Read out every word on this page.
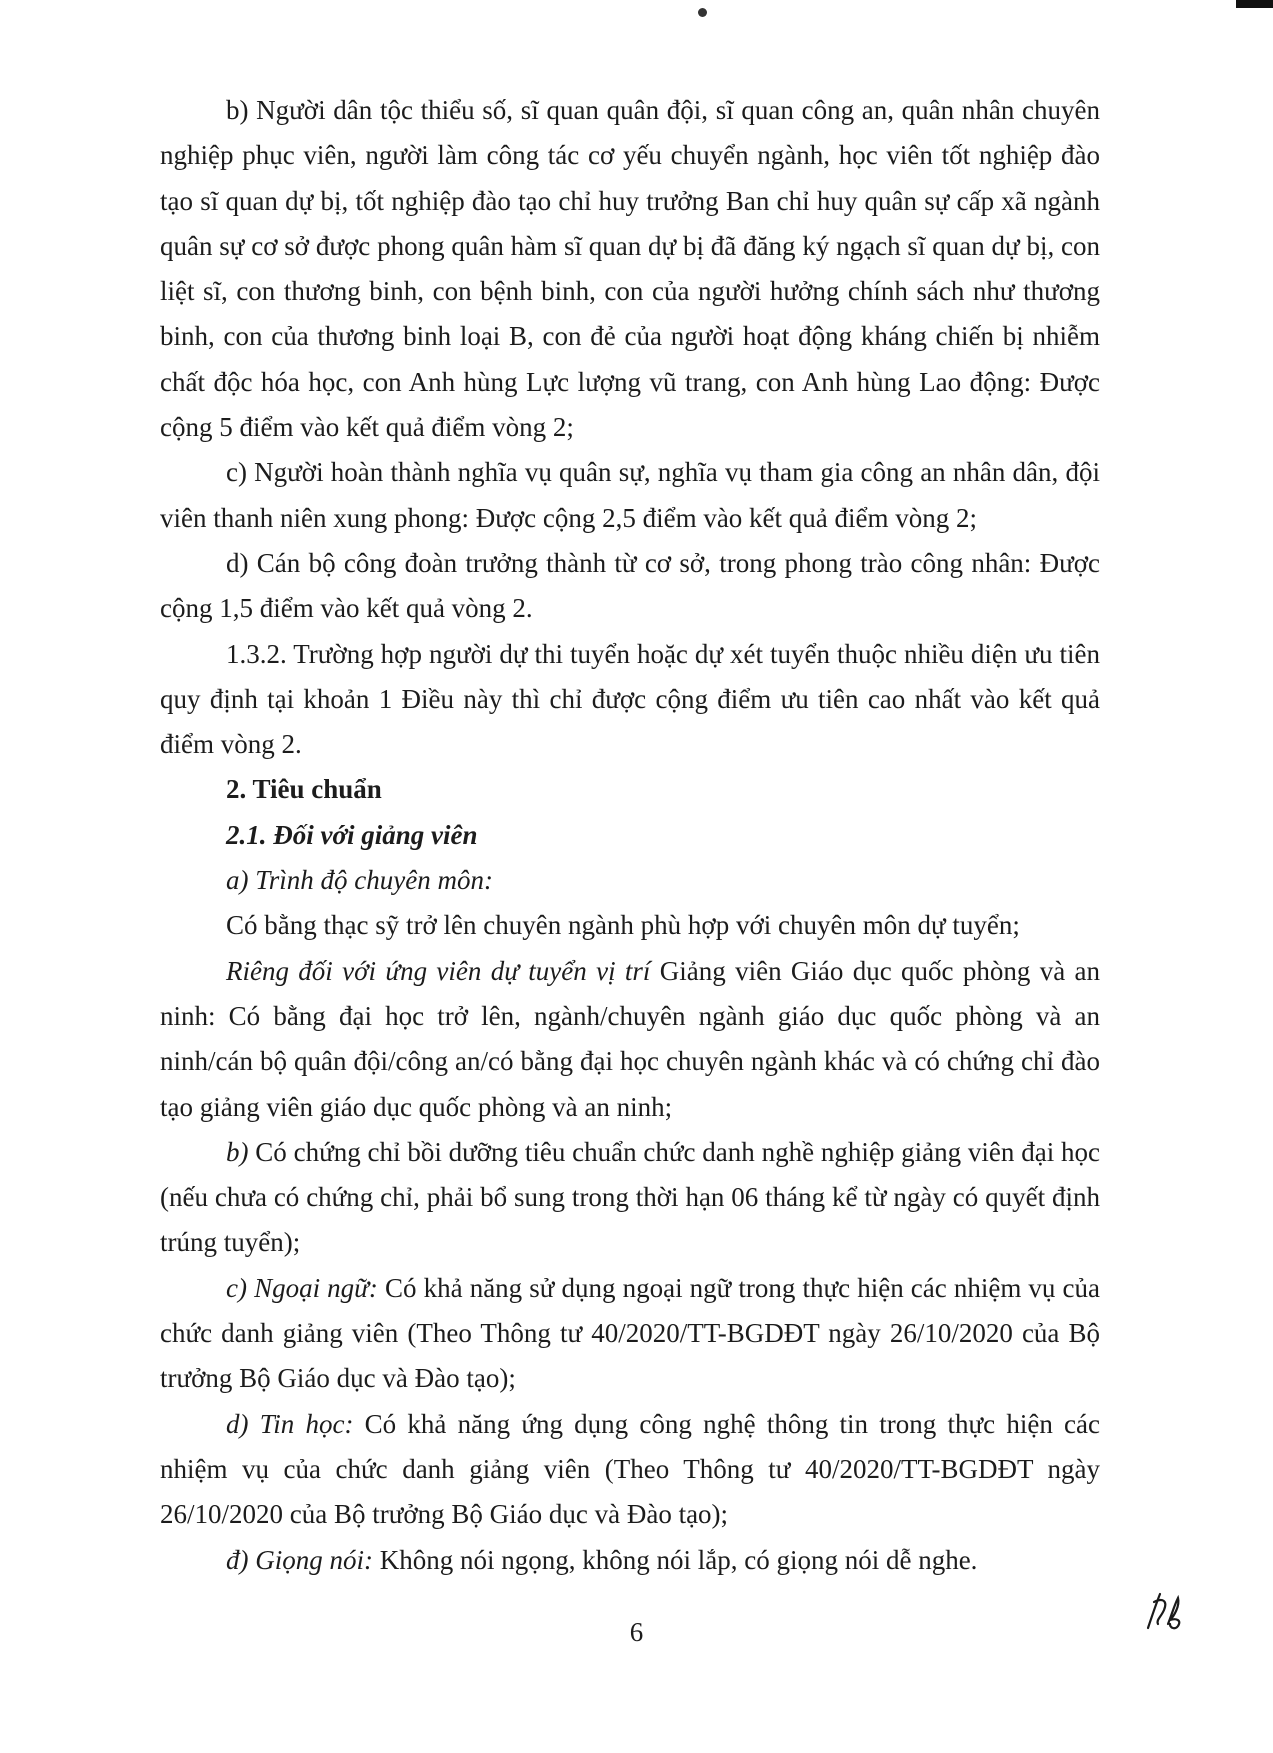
b) Người dân tộc thiểu số, sĩ quan quân đội, sĩ quan công an, quân nhân chuyên nghiệp phục viên, người làm công tác cơ yếu chuyển ngành, học viên tốt nghiệp đào tạo sĩ quan dự bị, tốt nghiệp đào tạo chỉ huy trưởng Ban chỉ huy quân sự cấp xã ngành quân sự cơ sở được phong quân hàm sĩ quan dự bị đã đăng ký ngạch sĩ quan dự bị, con liệt sĩ, con thương binh, con bệnh binh, con của người hưởng chính sách như thương binh, con của thương binh loại B, con đẻ của người hoạt động kháng chiến bị nhiễm chất độc hóa học, con Anh hùng Lực lượng vũ trang, con Anh hùng Lao động: Được cộng 5 điểm vào kết quả điểm vòng 2;

c) Người hoàn thành nghĩa vụ quân sự, nghĩa vụ tham gia công an nhân dân, đội viên thanh niên xung phong: Được cộng 2,5 điểm vào kết quả điểm vòng 2;

d) Cán bộ công đoàn trưởng thành từ cơ sở, trong phong trào công nhân: Được cộng 1,5 điểm vào kết quả vòng 2.

1.3.2. Trường hợp người dự thi tuyển hoặc dự xét tuyển thuộc nhiều diện ưu tiên quy định tại khoản 1 Điều này thì chỉ được cộng điểm ưu tiên cao nhất vào kết quả điểm vòng 2.

2. Tiêu chuẩn

2.1. Đối với giảng viên

a) Trình độ chuyên môn:

Có bằng thạc sỹ trở lên chuyên ngành phù hợp với chuyên môn dự tuyển;

Riêng đối với ứng viên dự tuyển vị trí Giảng viên Giáo dục quốc phòng và an ninh: Có bằng đại học trở lên, ngành/chuyên ngành giáo dục quốc phòng và an ninh/cán bộ quân đội/công an/có bằng đại học chuyên ngành khác và có chứng chỉ đào tạo giảng viên giáo dục quốc phòng và an ninh;

b) Có chứng chỉ bồi dưỡng tiêu chuẩn chức danh nghề nghiệp giảng viên đại học (nếu chưa có chứng chỉ, phải bổ sung trong thời hạn 06 tháng kể từ ngày có quyết định trúng tuyển);

c) Ngoại ngữ: Có khả năng sử dụng ngoại ngữ trong thực hiện các nhiệm vụ của chức danh giảng viên (Theo Thông tư 40/2020/TT-BGDĐT ngày 26/10/2020 của Bộ trưởng Bộ Giáo dục và Đào tạo);

d) Tin học: Có khả năng ứng dụng công nghệ thông tin trong thực hiện các nhiệm vụ của chức danh giảng viên (Theo Thông tư 40/2020/TT-BGDĐT ngày 26/10/2020 của Bộ trưởng Bộ Giáo dục và Đào tạo);

đ) Giọng nói: Không nói ngọng, không nói lắp, có giọng nói dễ nghe.

6
